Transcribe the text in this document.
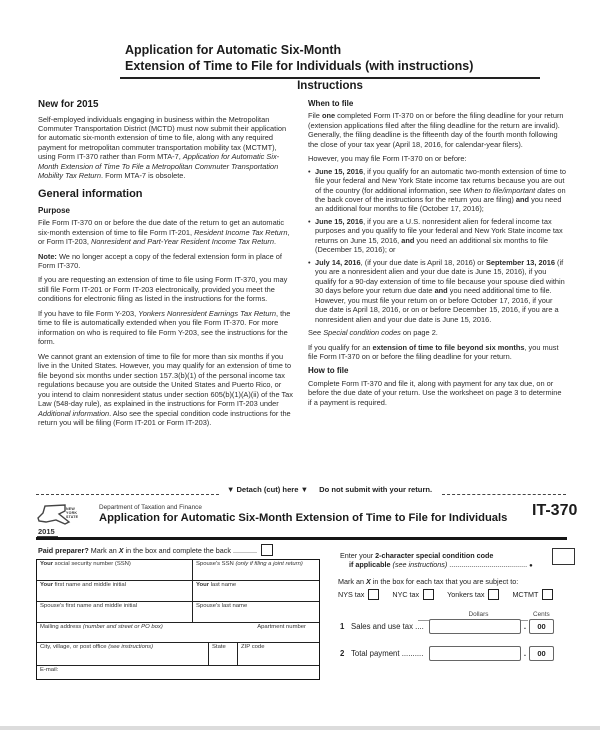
Application for Automatic Six-Month
Extension of Time to File for Individuals (with instructions)
Instructions
New for 2015

Self-employed individuals engaging in business within the Metropolitan Commuter Transportation District (MCTD) must now submit their application for automatic six-month extension of time to file, along with any required payment for metropolitan commuter transportation mobility tax (MCTMT), using Form IT-370 rather than Form MTA-7, Application for Automatic Six-Month Extension of Time To File a Metropolitan Commuter Transportation Mobility Tax Return. Form MTA-7 is obsolete.

General information
Purpose

File Form IT-370 on or before the due date of the return to get an automatic six-month extension of time to file Form IT-201, Resident Income Tax Return, or Form IT-203, Nonresident and Part-Year Resident Income Tax Return.

Note: We no longer accept a copy of the federal extension form in place of Form IT-370.

If you are requesting an extension of time to file using Form IT-370, you may still file Form IT-201 or Form IT-203 electronically, provided you meet the conditions for electronic filing as listed in the instructions for the forms.

If you have to file Form Y-203, Yonkers Nonresident Earnings Tax Return, the time to file is automatically extended when you file Form IT-370. For more information on who is required to file Form Y-203, see the instructions for the form.

We cannot grant an extension of time to file for more than six months if you live in the United States. However, you may qualify for an extension of time to file beyond six months under section 157.3(b)(1) of the personal income tax regulations because you are outside the United States and Puerto Rico, or you intend to claim nonresident status under section 605(b)(1)(A)(ii) of the Tax Law (548-day rule), as explained in the instructions for Form IT-203 under Additional information. Also see the special condition code instructions for the return you will be filing (Form IT-201 or Form IT-203).

When to file

File one completed Form IT-370 on or before the filing deadline for your return (extension applications filed after the filing deadline for the return are invalid). Generally, the filing deadline is the fifteenth day of the fourth month following the close of your tax year (April 18, 2016, for calendar-year filers).

However, you may file Form IT-370 on or before:

• June 15, 2016, if you qualify for an automatic two-month extension of time to file your federal and New York State income tax returns because you are out of the country (for additional information, see When to file/important dates on the back cover of the instructions for the return you are filing) and you need an additional four months to file (October 17, 2016);
• June 15, 2016, if you are a U.S. nonresident alien for federal income tax purposes and you qualify to file your federal and New York State income tax returns on June 15, 2016, and you need an additional six months to file (December 15, 2016); or
• July 14, 2016, (if your due date is April 18, 2016) or September 13, 2016 (if you are a nonresident alien and your due date is June 15, 2016), if you qualify for a 90-day extension of time to file because your spouse died within 30 days before your return due date and you need additional time to file. However, you must file your return on or before October 17, 2016, if your due date is April 18, 2016, or on or before December 15, 2016, if you are a nonresident alien and your due date is June 15, 2016.

See Special condition codes on page 2.

If you qualify for an extension of time to file beyond six months, you must file Form IT-370 on or before the filing deadline for your return.

How to file

Complete Form IT-370 and file it, along with payment for any tax due, on or before the due date of your return. Use the worksheet on page 3 to determine if a payment is required.

▼ Detach (cut) here ▼	Do not submit with your return.
NEW
YORK
STATE
2015
Department of Taxation and Finance
Application for Automatic Six-Month Extension of Time to File for Individuals	IT-370
Paid preparer? Mark an X in the box and complete the back ............
Your social security number (SSN)	Spouse's SSN (only if filing a joint return)
Your first name and middle initial	Your last name
Spouse's first name and middle initial	Spouse's last name
Mailing address (number and street or PO box)	Apartment number
City, village, or post office (see instructions)	State	ZIP code
E-mail:
Enter your 2-character special condition code
if applicable (see instructions) ....................................... ●
Mark an X in the box for each tax that you are subject to:
NYS tax	NYC tax	Yonkers tax	MCTMT
Dollars	Cents
1 Sales and use tax ....	.	00
2 Total payment ..........	.	00
